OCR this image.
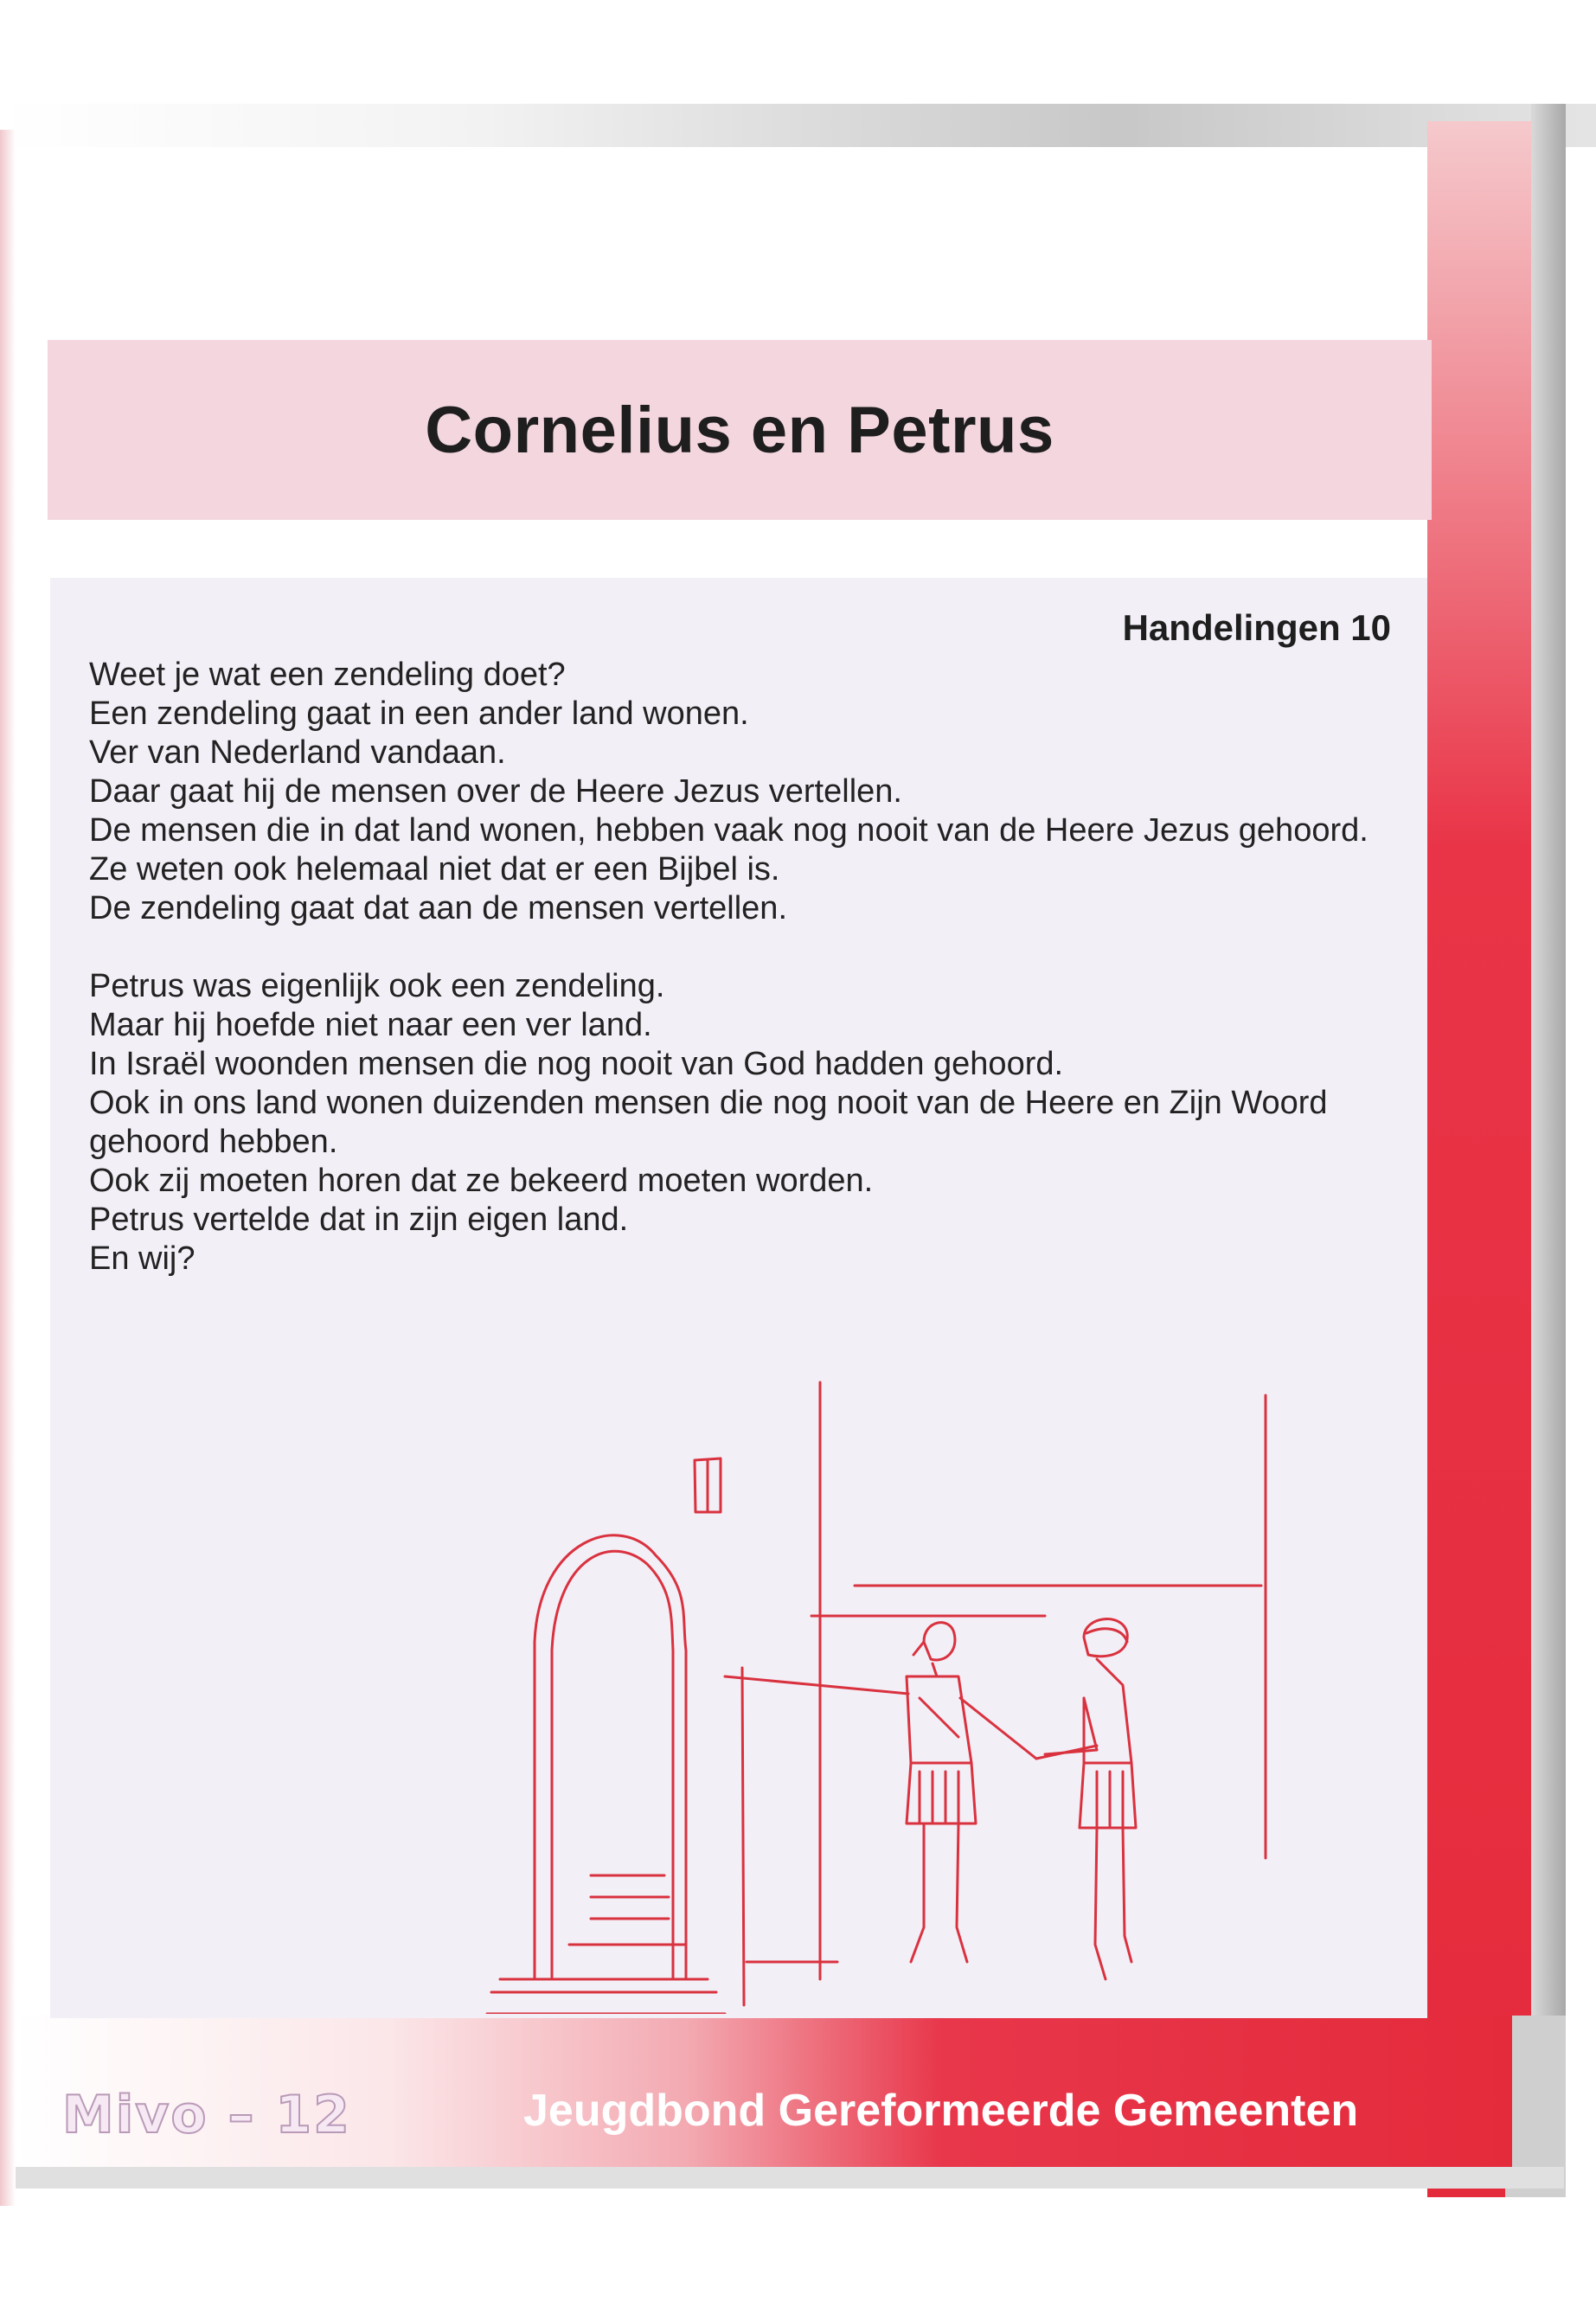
Cornelius en Petrus
Handelingen 10

Weet je wat een zendeling doet?

Een zendeling gaat in een ander land wonen.

Ver van Nederland vandaan.

Daar gaat hij de mensen over de Heere Jezus vertellen.

De mensen die in dat land wonen, hebben vaak nog nooit van de Heere Jezus gehoord.

Ze weten ook helemaal niet dat er een Bijbel is.

De zendeling gaat dat aan de mensen vertellen.

Petrus was eigenlijk ook een zendeling.

Maar hij hoefde niet naar een ver land.

In Israël woonden mensen die nog nooit van God hadden gehoord.

Ook in ons land wonen duizenden mensen die nog nooit van de Heere en Zijn Woord gehoord hebben.

Ook zij moeten horen dat ze bekeerd moeten worden.

Petrus vertelde dat in zijn eigen land.

En wij?

Mivo – 12	Jeugdbond Gereformeerde Gemeenten
